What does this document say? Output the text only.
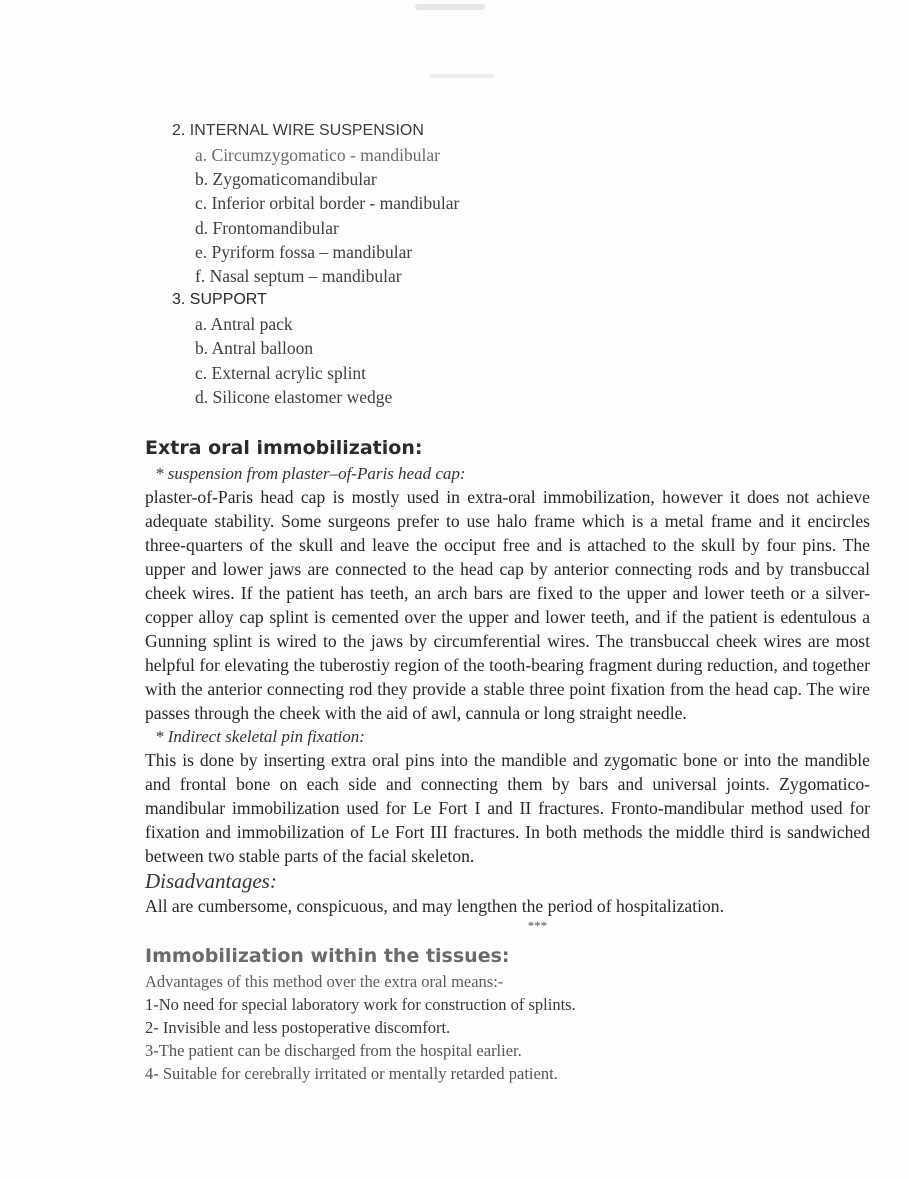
2. INTERNAL WIRE SUSPENSION
a. Circumzygomatico - mandibular
b. Zygomaticomandibular
c. Inferior orbital border - mandibular
d. Frontomandibular
e. Pyriform fossa – mandibular
f. Nasal septum – mandibular
3. SUPPORT
a. Antral pack
b. Antral balloon
c. External acrylic splint
d. Silicone elastomer wedge
Extra oral immobilization:
* suspension from plaster–of-Paris head cap:

plaster-of-Paris head cap is mostly used in extra-oral immobilization, however it does not achieve adequate stability. Some surgeons prefer to use halo frame which is a metal frame and it encircles three-quarters of the skull and leave the occiput free and is attached to the skull by four pins. The upper and lower jaws are connected to the head cap by anterior connecting rods and by transbuccal cheek wires. If the patient has teeth, an arch bars are fixed to the upper and lower teeth or a silver- copper alloy cap splint is cemented over the upper and lower teeth, and if the patient is edentulous a Gunning splint is wired to the jaws by circumferential wires. The transbuccal cheek wires are most helpful for elevating the tuberostiy region of the tooth-bearing fragment during reduction, and together with the anterior connecting rod they provide a stable three point fixation from the head cap. The wire passes through the cheek with the aid of awl, cannula or long straight needle.

* Indirect skeletal pin fixation:

This is done by inserting extra oral pins into the mandible and zygomatic bone or into the mandible and frontal bone on each side and connecting them by bars and universal joints. Zygomatico-mandibular immobilization used for Le Fort I and II fractures. Fronto-mandibular method used for fixation and immobilization of Le Fort III fractures. In both methods the middle third is sandwiched between two stable parts of the facial skeleton.

Disadvantages:
All are cumbersome, conspicuous, and may lengthen the period of hospitalization.
***
Immobilization within the tissues:
Advantages of this method over the extra oral means:-
1-No need for special laboratory work for construction of splints.
2- Invisible and less postoperative discomfort.
3-The patient can be discharged from the hospital earlier.
4- Suitable for cerebrally irritated or mentally retarded patient.
